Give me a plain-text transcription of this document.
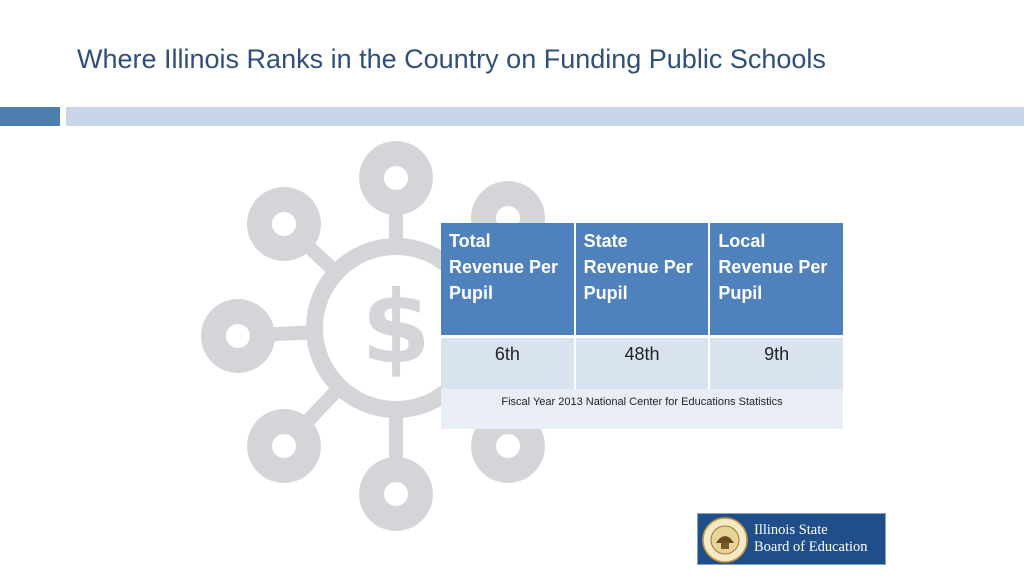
Where Illinois Ranks in the Country on Funding Public Schools
$
Total Revenue Per Pupil	State Revenue Per Pupil	Local Revenue Per Pupil
6th	48th	9th
Fiscal Year 2013 National Center for Educations Statistics		
Illinois State
Board of Education
